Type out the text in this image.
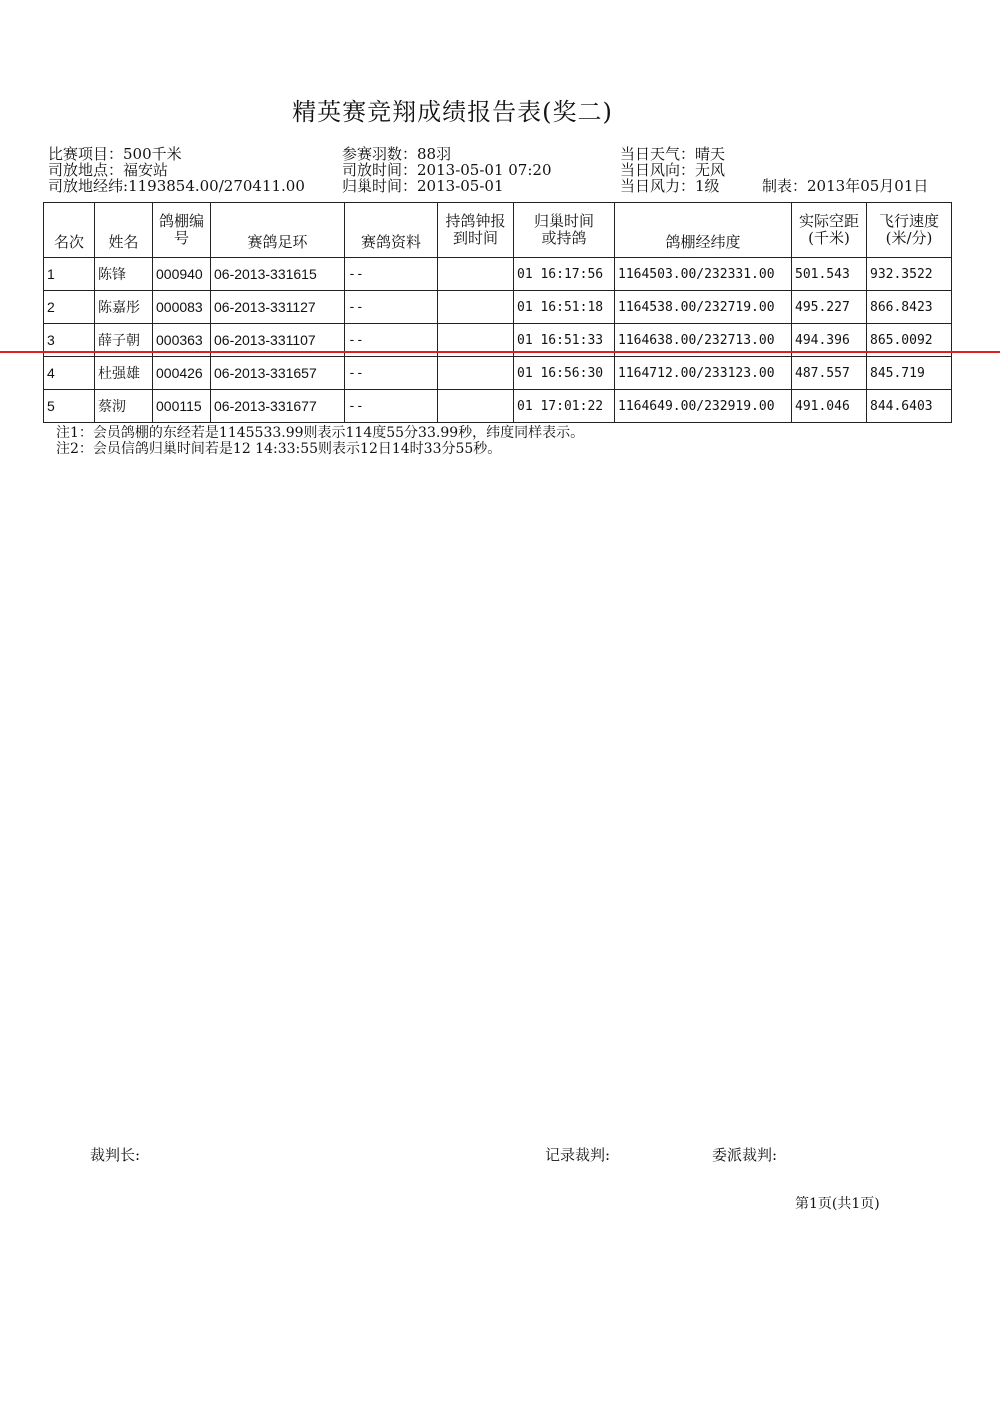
精英赛竞翔成绩报告表(奖二)
比赛项目：500千米
司放地点：福安站
司放地经纬:1193854.00/270411.00
参赛羽数：88羽
司放时间：2013-05-01 07:20
归巢时间：2013-05-01
当日天气：晴天
当日风向：无风
当日风力：1级	制表：2013年05月01日
名次	姓名	鸽棚编号	赛鸽足环	赛鸽资料	持鸽钟报到时间	归巢时间或持鸽	鸽棚经纬度	实际空距(千米)	飞行速度(米/分)
1	陈锋	000940	06-2013-331615	--		01 16:17:56	1164503.00/232331.00	501.543	932.3522
2	陈嘉彤	000083	06-2013-331127	--		01 16:51:18	1164538.00/232719.00	495.227	866.8423
3	薛子朝	000363	06-2013-331107	--		01 16:51:33	1164638.00/232713.00	494.396	865.0092
4	杜强雄	000426	06-2013-331657	--		01 16:56:30	1164712.00/233123.00	487.557	845.719
5	蔡沏	000115	06-2013-331677	--		01 17:01:22	1164649.00/232919.00	491.046	844.6403
注1：会员鸽棚的东经若是1145533.99则表示114度55分33.99秒，纬度同样表示。
注2：会员信鸽归巢时间若是12 14:33:55则表示12日14时33分55秒。
裁判长:	记录裁判:	委派裁判:
第1页(共1页)
